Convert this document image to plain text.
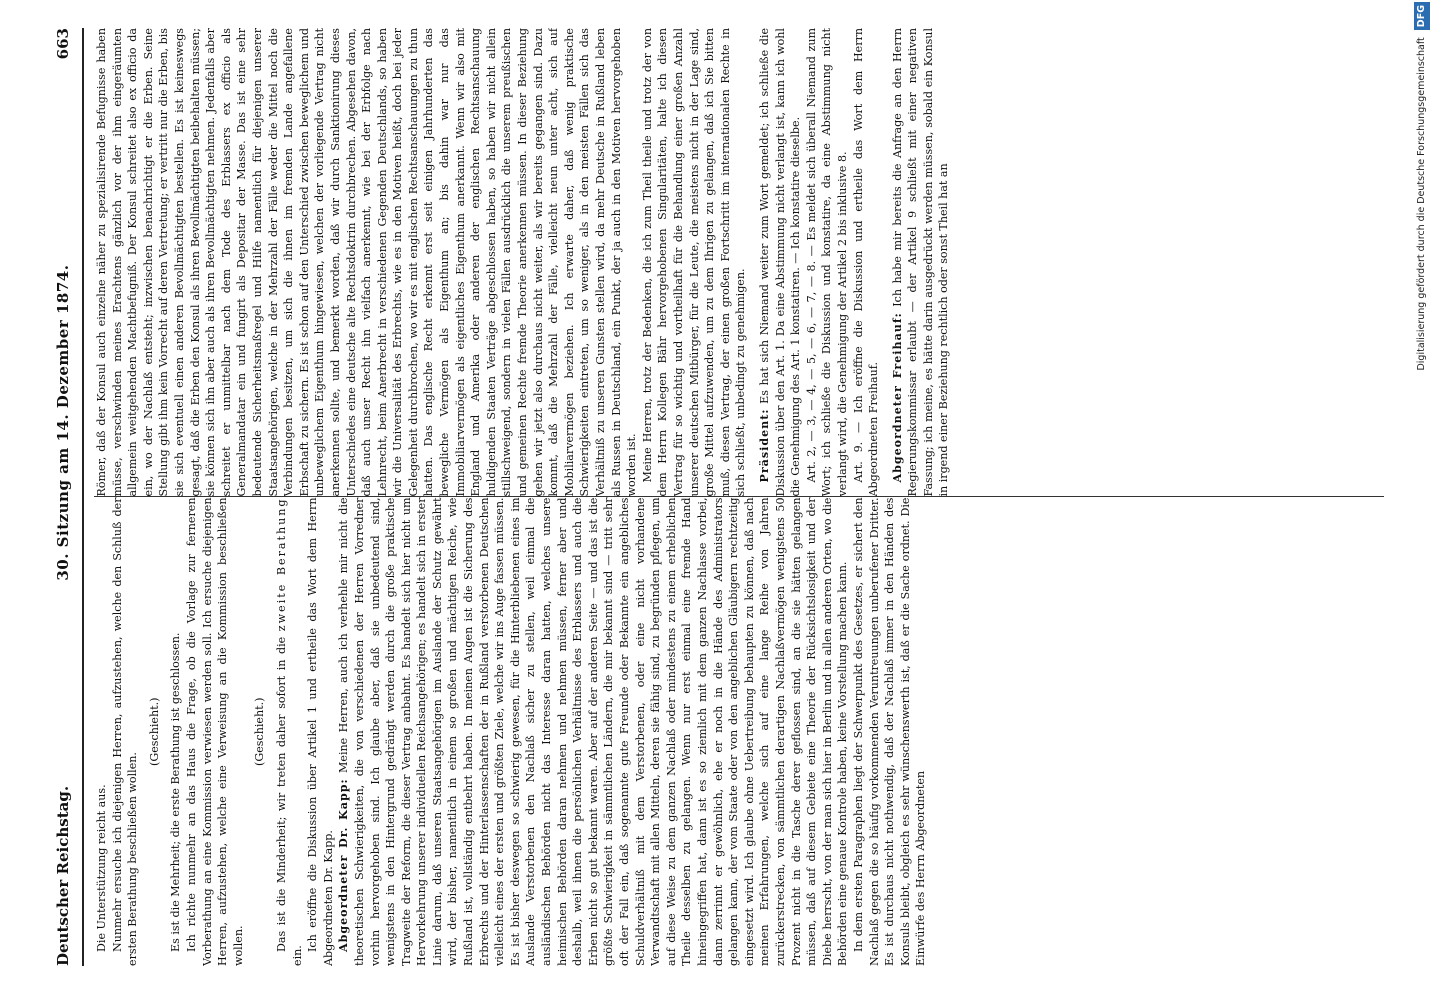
Deutscher Reichstag.
30. Sitzung am 14. Dezember 1874.
663

Die Unterstützung reicht aus. Nunmehr ersuche ich diejenigen Herren, aufzustehen, welche den Schluß der ersten Berathung beschließen wollen.

(Geschieht.) Es ist die Mehrheit; die erste Berathung ist geschlossen. Ich richte nunmehr an das Haus die Frage, ob die Vorlage zur ferneren Vorberathung an eine Kommission verwiesen werden soll. Ich ersuche diejenigen Herren, aufzustehen, welche eine Verweisung an die Kommission beschließen wollen.

(Geschieht.) Das ist die Minderheit; wir treten daher sofort in die zweite Berathung ein.

Ich eröffne die Diskussion über Artikel 1 und ertheile das Wort dem Herrn Abgeordneten Dr. Kapp. Abgeordneter Dr. Kapp: Meine Herren, auch ich verhehle mir nicht die theoretischen Schwierigkeiten, die von verschiedenen der Herren Vorredner vorhin hervorgehoben sind. Ich glaube aber, daß sie unbedeutend sind, wenigstens in den Hintergrund gedrängt werden durch die große praktische Tragweite der Reform, die dieser Vertrag anbahnt. Es handelt sich hier nicht um Hervorkehrung unserer individuellen Reichsangehörigen; es handelt sich in erster Linie darum, daß unseren Staatsangehörigen im Auslande der Schutz gewährt wird, der bisher, namentlich in einem so großen und mächtigen Reiche, wie Rußland ist, vollständig entbehrt haben. In meinen Augen ist die Sicherung des Erbrechts und der Hinterlassenschaften der in Rußland verstorbenen Deutschen vielleicht eines der ersten und größten Ziele, welche wir ins Auge fassen müssen. Es ist bisher deswegen so schwierig gewesen, für die Hinterbliebenen eines im Auslande Verstorbenen den Nachlaß sicher zu stellen, weil einmal die ausländischen Behörden nicht das Interesse daran hatten, welches unsere heimischen Behörden daran nehmen und nehmen müssen, ferner aber und deshalb, weil ihnen die persönlichen Verhältnisse des Erblassers und auch die Erben nicht so gut bekannt waren. Aber auf der anderen Seite — und das ist die größte Schwierigkeit in sämmtlichen Ländern, die mir bekannt sind — tritt sehr oft der Fall ein, daß sogenannte gute Freunde oder Bekannte ein angebliches Schuldverhältniß mit dem Verstorbenen, oder eine nicht vorhandene Verwandtschaft mit allen Mitteln, deren sie fähig sind, zu begründen pflegen, um auf diese Weise zu dem ganzen Nachlaß oder mindestens zu einem erheblichen Theile desselben zu gelangen. Wenn nur erst einmal eine fremde Hand hineingegriffen hat, dann ist es so ziemlich mit dem ganzen Nachlasse vorbei, dann zerrinnt er gewöhnlich, ehe er noch in die Hände des Administrators gelangen kann, der vom Staate oder von den angeblichen Gläubigern rechtzeitig eingesetzt wird. Ich glaube ohne Uebertreibung behaupten zu können, daß nach meinen Erfahrungen, welche sich auf eine lange Reihe von Jahren zurückerstrecken, von sämmtlichen derartigen Nachlaßvermögen wenigstens 50 Prozent nicht in die Tasche derer geflossen sind, an die sie hätten gelangen müssen, daß auf diesem Gebiete eine Theorie der Rücksichtslosigkeit und der Diebe herrscht, von der man sich hier in Berlin und in allen anderen Orten, wo die Behörden eine genaue Kontrole haben, keine Vorstellung machen kann. In dem ersten Paragraphen liegt der Schwerpunkt des Gesetzes, er sichert den Nachlaß gegen die so häufig vorkommenden Veruntreuungen unberufener Dritter. Es ist durchaus nicht nothwendig, daß der Nachlaß immer in den Händen des Konsuls bleibt, obgleich es sehr wünschenswerth ist, daß er die Sache ordnet. Die Einwürfe des Herrn Abgeordneten

Römer, daß der Konsul auch einzelne näher zu spezialisirende Befugnisse haben müsse, verschwinden meines Erachtens gänzlich vor der ihm eingeräumten allgemein weitgehenden Machtbefugniß. Der Konsul schreitet also ex officio da ein, wo der Nachlaß entsteht; inzwischen benachrichtigt er die Erben. Seine Stellung gibt ihm kein Vorrecht auf deren Vertretung; er vertritt nur die Erben, bis sie sich eventuell einen anderen Bevollmächtigten bestellen. Es ist keineswegs gesagt, daß die Erben den Konsul als ihren Bevollmächtigten beibehalten müssen; sie können sich ihn aber auch als ihren Bevollmächtigten nehmen. Jedenfalls aber schreitet er unmittelbar nach dem Tode des Erblassers ex officio als Generalmandatar ein und fungirt als Depositar der Masse. Das ist eine sehr bedeutende Sicherheitsmaßregel und Hilfe namentlich für diejenigen unserer Staatsangehörigen, welche in der Mehrzahl der Fälle weder die Mittel noch die Verbindungen besitzen, um sich die ihnen im fremden Lande angefallene Erbschaft zu sichern. Es ist schon auf den Unterschied zwischen beweglichem und unbeweglichem Eigenthum hingewiesen, welchen der vorliegende Vertrag nicht anerkennen sollte, und bemerkt worden, daß wir durch Sanktionirung dieses Unterschiedes eine deutsche alte Rechtsdoktrin durchbrechen. Abgesehen davon, daß auch unser Recht ihn vielfach anerkennt, wie bei der Erbfolge nach Lehnrecht, beim Anerbrecht in verschiedenen Gegenden Deutschlands, so haben wir die Universalität des Erbrechts, wie es in den Motiven heißt, doch bei jeder Gelegenheit durchbrochen, wo wir es mit englischen Rechtsanschauungen zu thun hatten. Das englische Recht erkennt erst seit einigen Jahrhunderten das bewegliche Vermögen als Eigenthum an; bis dahin war nur das Immobiliarvermögen als eigentliches Eigenthum anerkannt. Wenn wir also mit England und Amerika oder anderen der englischen Rechtsanschauung huldigenden Staaten Verträge abgeschlossen haben, so haben wir nicht allein stillschweigend, sondern in vielen Fällen ausdrücklich die unserem preußischen und gemeinen Rechte fremde Theorie anerkennen müssen. In dieser Beziehung gehen wir jetzt also durchaus nicht weiter, als wir bereits gegangen sind. Dazu kommt, daß die Mehrzahl der Fälle, vielleicht neun unter acht, sich auf Mobiliarvermögen beziehen. Ich erwarte daher, daß wenig praktische Schwierigkeiten eintreten, um so weniger, als in den meisten Fällen sich das Verhältniß zu unseren Gunsten stellen wird, da mehr Deutsche in Rußland leben als Russen in Deutschland, ein Punkt, der ja auch in den Motiven hervorgehoben worden ist. Meine Herren, trotz der Bedenken, die ich zum Theil theile und trotz der von dem Herrn Kollegen Bähr hervorgehobenen Singularitäten, halte ich diesen Vertrag für so wichtig und vortheilhaft für die Behandlung einer großen Anzahl unserer deutschen Mitbürger, für die Leute, die meistens nicht in der Lage sind, große Mittel aufzuwenden, um zu dem Ihrigen zu gelangen, daß ich Sie bitten muß, diesen Vertrag, der einen großen Fortschritt im internationalen Rechte in sich schließt, unbedingt zu genehmigen. Präsident: Es hat sich Niemand weiter zum Wort gemeldet; ich schließe die Diskussion über den Art. 1. Da eine Abstimmung nicht verlangt ist, kann ich wohl die Genehmigung des Art. 1 konstatiren. — Ich konstatire dieselbe. Art. 2, — 3, — 4, — 5, — 6, — 7, — 8. — Es meldet sich überall Niemand zum Wort; ich schließe die Diskussion und konstatire, da eine Abstimmung nicht verlangt wird, die Genehmigung der Artikel 2 bis inklusive 8. Art. 9. — Ich eröffne die Diskussion und ertheile das Wort dem Herrn Abgeordneten Freihauf. Abgeordneter Freihauf: Ich habe mir bereits die Anfrage an den Herrn Regierungskommissar erlaubt — der Artikel 9 schließt mit einer negativen Fassung; ich meine, es hätte darin ausgedrückt werden müssen, sobald ein Konsul in irgend einer Beziehung rechtlich oder sonst Theil hat an	Digitalisierung gefördert durch die Deutsche Forschungsgemeinschaft DFG
